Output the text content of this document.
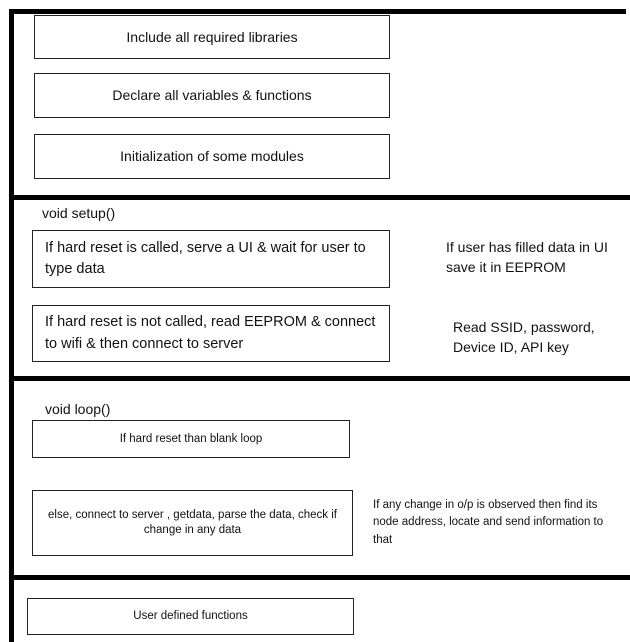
Include all required libraries
Declare all variables & functions
Initialization of some modules
void setup()
If hard reset is called, serve a UI & wait for user to type data
If user has filled data in UI save it in EEPROM
If hard reset is not called, read EEPROM & connect to wifi & then connect to server
Read SSID, password, Device ID, API key
void loop()
If hard reset than blank loop
else, connect to server , getdata, parse the data, check if change in any data
If any change in o/p is observed then find its node address, locate and send information to that
User defined functions
